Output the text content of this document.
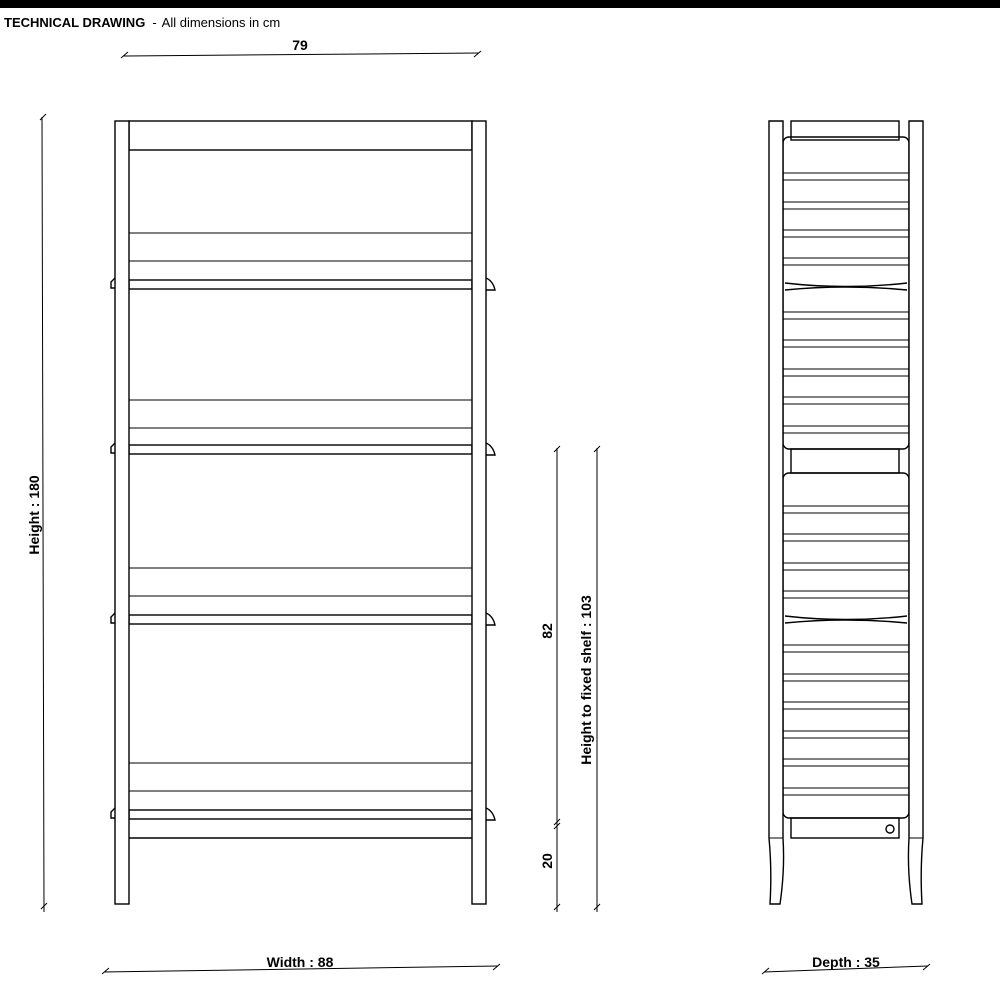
TECHNICAL DRAWING - All dimensions in cm
79
Height : 180
Width : 88
82
20
Height to fixed shelf : 103
Depth : 35
